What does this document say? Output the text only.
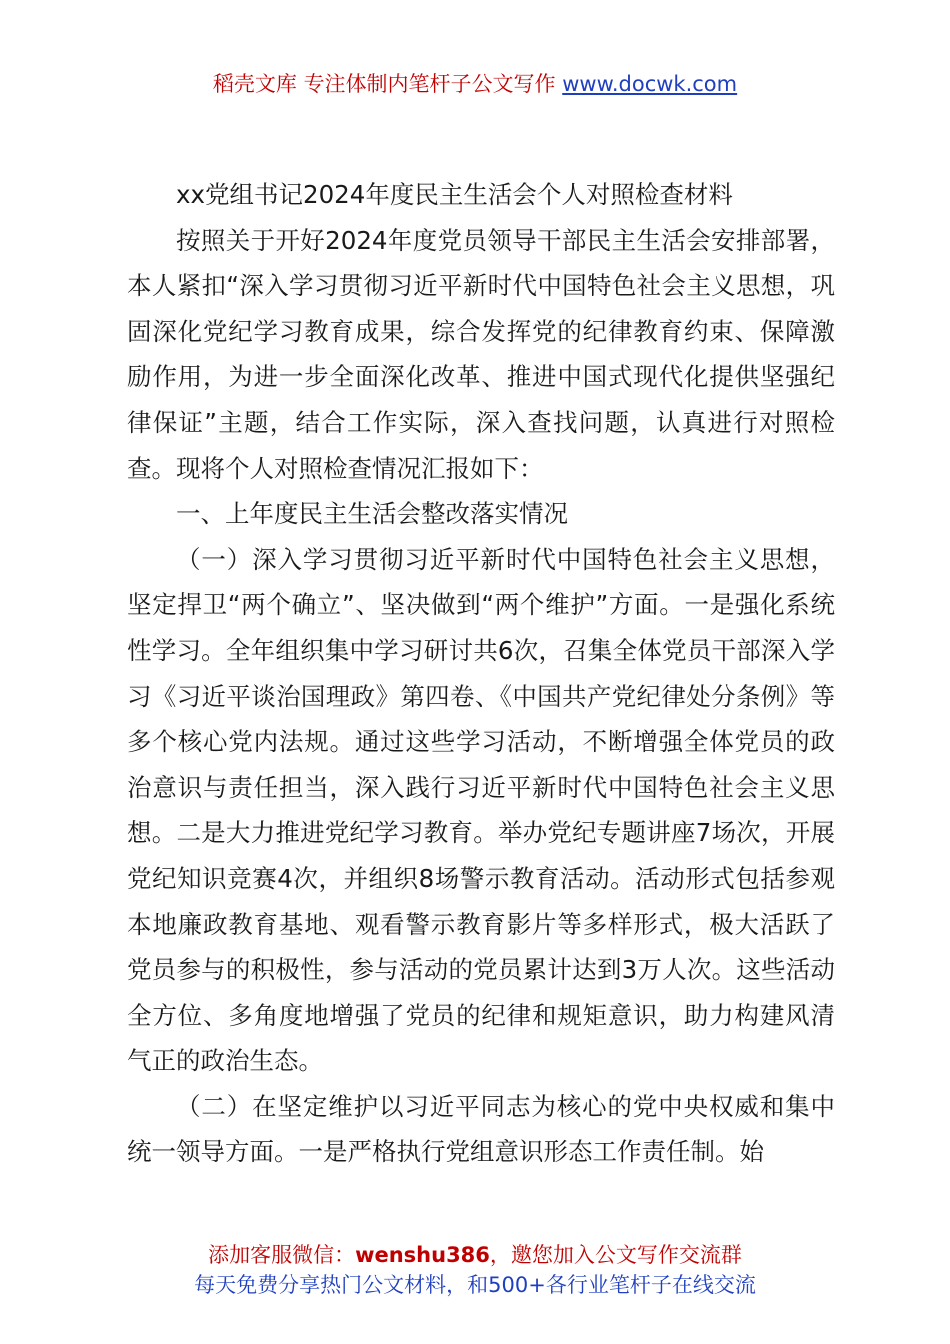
稻壳文库 专注体制内笔杆子公文写作 www.docwk.com

xx党组书记2024年度民主生活会个人对照检查材料

按照关于开好2024年度党员领导干部民主生活会安排部署，本人紧扣“深入学习贯彻习近平新时代中国特色社会主义思想，巩固深化党纪学习教育成果，综合发挥党的纪律教育约束、保障激励作用，为进一步全面深化改革、推进中国式现代化提供坚强纪律保证”主题，结合工作实际，深入查找问题，认真进行对照检查。现将个人对照检查情况汇报如下：

一、上年度民主生活会整改落实情况

（一）深入学习贯彻习近平新时代中国特色社会主义思想，坚定捍卫“两个确立”、坚决做到“两个维护”方面。一是强化系统性学习。全年组织集中学习研讨共6次，召集全体党员干部深入学习《习近平谈治国理政》第四卷、《中国共产党纪律处分条例》等多个核心党内法规。通过这些学习活动，不断增强全体党员的政治意识与责任担当，深入践行习近平新时代中国特色社会主义思想。二是大力推进党纪学习教育。举办党纪专题讲座7场次，开展党纪知识竞赛4次，并组织8场警示教育活动。活动形式包括参观本地廉政教育基地、观看警示教育影片等多样形式，极大活跃了党员参与的积极性，参与活动的党员累计达到3万人次。这些活动全方位、多角度地增强了党员的纪律和规矩意识，助力构建风清气正的政治生态。

（二）在坚定维护以习近平同志为核心的党中央权威和集中统一领导方面。一是严格执行党组意识形态工作责任制。始

添加客服微信：wenshu386，邀您加入公文写作交流群
每天免费分享热门公文材料，和500+各行业笔杆子在线交流
